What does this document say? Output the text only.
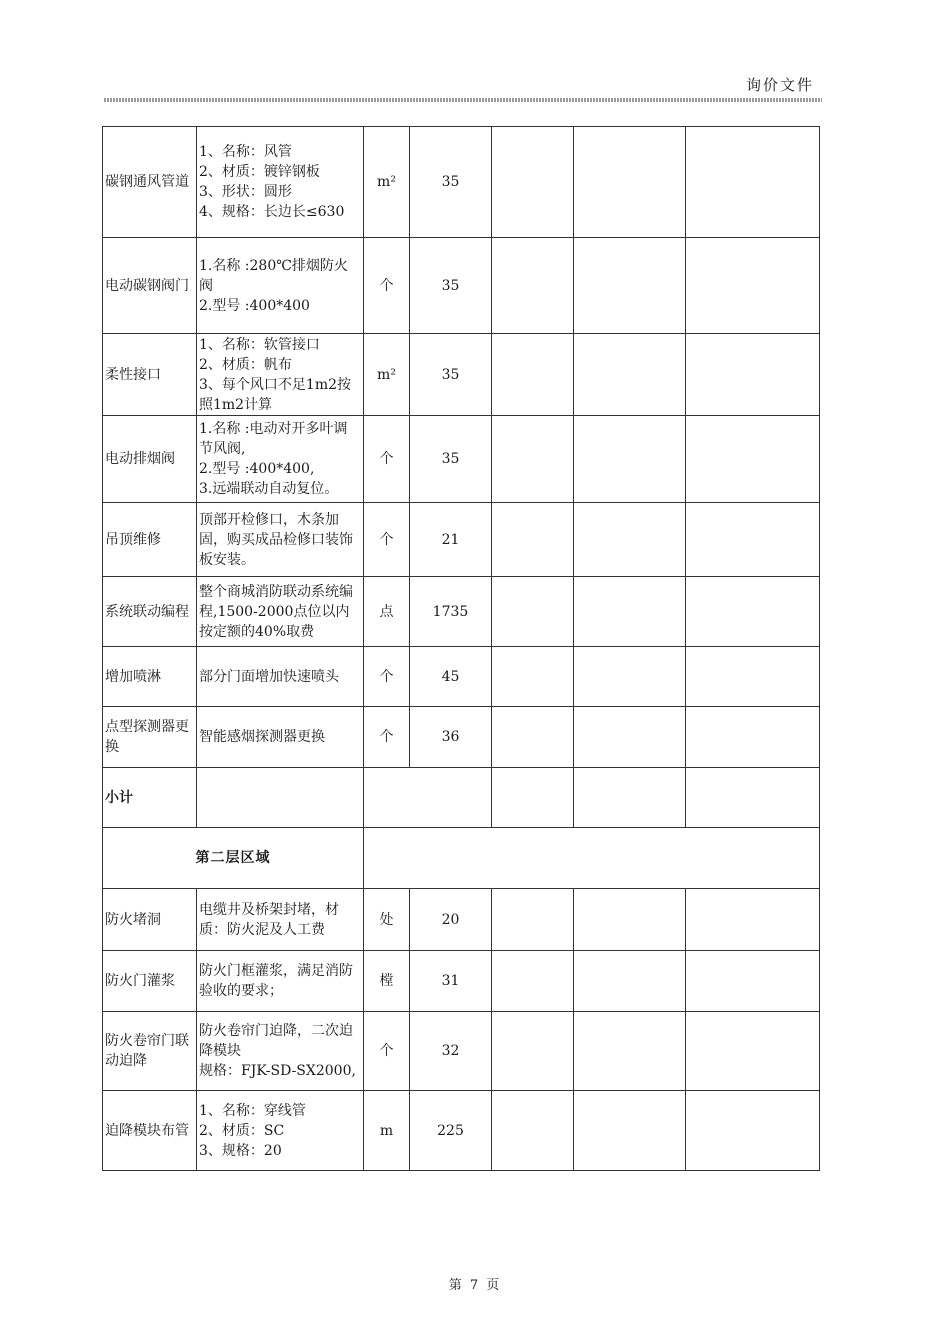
询价文件
碳钢通风管道	1、名称：风管
2、材质：镀锌钢板
3、形状：圆形
4、规格：长边长≤630	m²	35			
电动碳钢阀门	1.名称 :280℃排烟防火阀
2.型号 :400*400	个	35			
柔性接口	1、名称：软管接口
2、材质：帆布
3、每个风口不足1m2按照1m2计算	m²	35			
电动排烟阀	1.名称 :电动对开多叶调节风阀,
2.型号 :400*400,
3.远端联动自动复位。	个	35			
吊顶维修	顶部开检修口，木条加固，购买成品检修口装饰板安装。	个	21			
系统联动编程	整个商城消防联动系统编程,1500-2000点位以内按定额的40%取费	点	1735			
增加喷淋	部分门面增加快速喷头	个	45			
点型探测器更换	智能感烟探测器更换	个	36			
小计						
第二层区域						
防火堵洞	电缆井及桥架封堵，材质：防火泥及人工费	处	20			
防火门灌浆	防火门框灌浆，满足消防验收的要求；	樘	31			
防火卷帘门联动迫降	防火卷帘门迫降，二次迫降模块
规格：FJK-SD-SX2000,	个	32			
迫降模块布管	1、名称：穿线管
2、材质：SC
3、规格：20	m	225			
第 7 页
